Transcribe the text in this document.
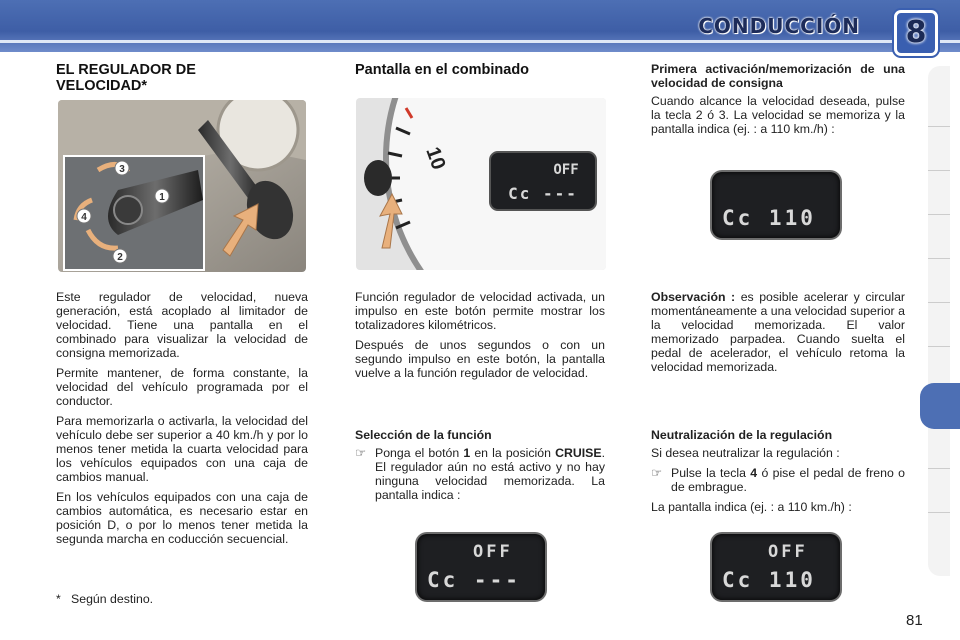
CONDUCCIÓN	8
EL REGULADOR DE
VELOCIDAD*
3
1
4
2

Este regulador de velocidad, nueva generación, está acoplado al limitador de velocidad. Tiene una pantalla en el combinado para visualizar la velocidad de consigna memorizada.

Permite mantener, de forma constante, la velocidad del vehículo programada por el conductor.

Para memorizarla o activarla, la velocidad del vehículo debe ser superior a 40 km./h y por lo menos tener metida la cuarta velocidad para los vehículos equipados con una caja de cambios manual.

En los vehículos equipados con una caja de cambios automática, es necesario estar en posición D, o por lo menos tener metida la segunda marcha en coducción secuencial.

* Según destino.
Pantalla en el combinado
10	OFF
Cc ---

Función regulador de velocidad activada, un impulso en este botón permite mostrar los totalizadores kilométricos.

Después de unos segundos o con un segundo impulso en este botón, la pantalla vuelve a la función regulador de velocidad.

Selección de la función
☞ Ponga el botón 1 en la posición CRUISE. El regulador aún no está activo y no hay ninguna velocidad memorizada. La pantalla indica :
OFF
Cc ---
Primera activación/memorización de una velocidad de consigna

Cuando alcance la velocidad deseada, pulse la tecla 2 ó 3. La velocidad se memoriza y la pantalla indica (ej. : a 110 km./h) :

Cc 110

Observación : es posible acelerar y circular momentáneamente a una velocidad superior a la velocidad memorizada. El valor memorizado parpadea. Cuando suelta el pedal de acelerador, el vehículo retoma la velocidad memorizada.

Neutralización de la regulación

Si desea neutralizar la regulación :

☞ Pulse la tecla 4 ó pise el pedal de freno o de embrague.

La pantalla indica (ej. : a 110 km./h) :

OFF
Cc 110
81
